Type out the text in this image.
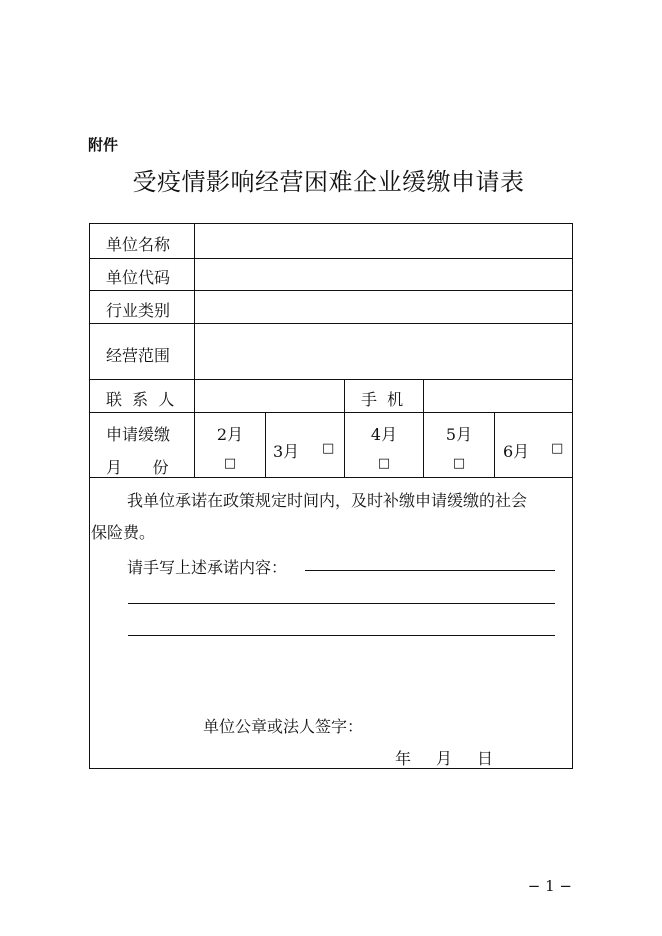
附件
受疫情影响经营困难企业缓缴申请表
单位名称
单位代码
行业类别
经营范围
联  系  人	手  机
申请缓缴
月      份
2月
□
3月 □
4月
□
5月
□
6月 □
我单位承诺在政策规定时间内，及时补缴申请缓缴的社会
保险费。
请手写上述承诺内容：
单位公章或法人签字：
年 月 日
− 1 −
